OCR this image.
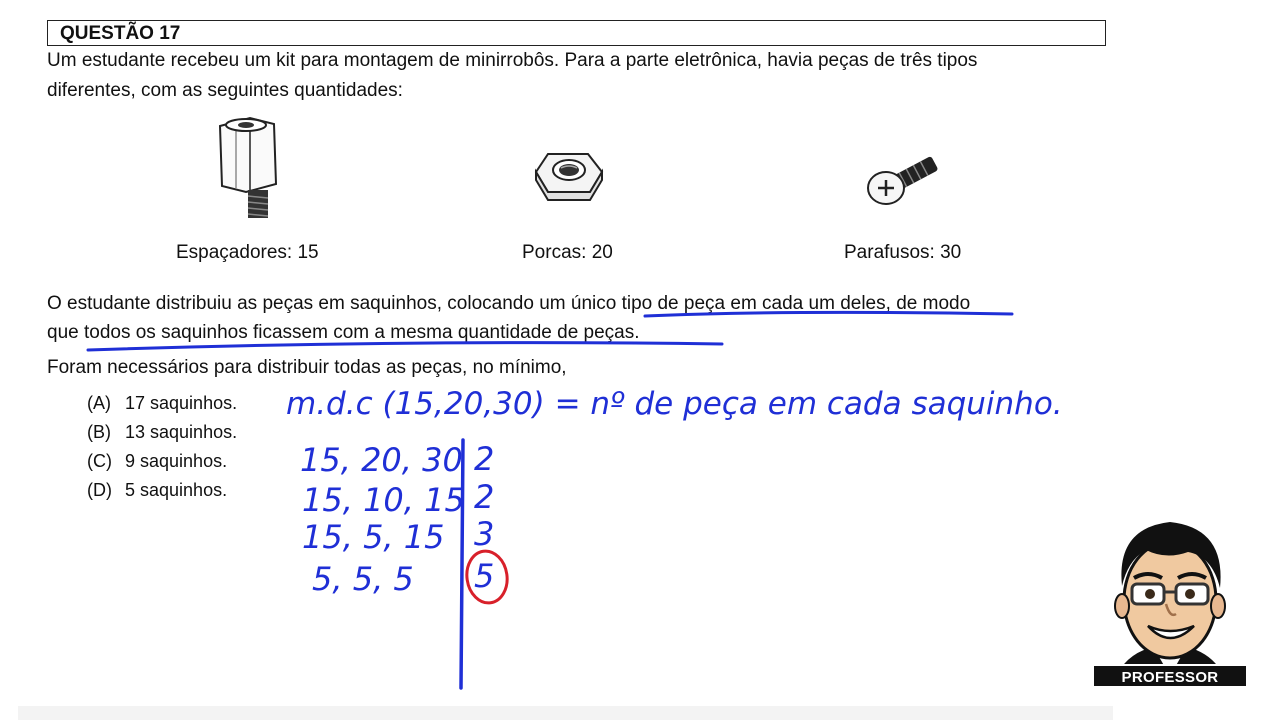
QUESTÃO 17
Um estudante recebeu um kit para montagem de minirrobôs. Para a parte eletrônica, havia peças de três tipos
diferentes, com as seguintes quantidades:
Espaçadores: 15	Porcas: 20	Parafusos: 30
O estudante distribuiu as peças em saquinhos, colocando um único tipo de peça em cada um deles, de modo
que todos os saquinhos ficassem com a mesma quantidade de peças.
Foram necessários para distribuir todas as peças, no mínimo,
(A) 17 saquinhos.
(B) 13 saquinhos.
(C) 9 saquinhos.
(D) 5 saquinhos.
m.d.c (15,20,30) = nº de peça em cada saquinho.
15, 20, 30
15, 10, 15
15, 5, 15
5, 5, 5
2
2
3
5
PROFESSOR ROBERSON
